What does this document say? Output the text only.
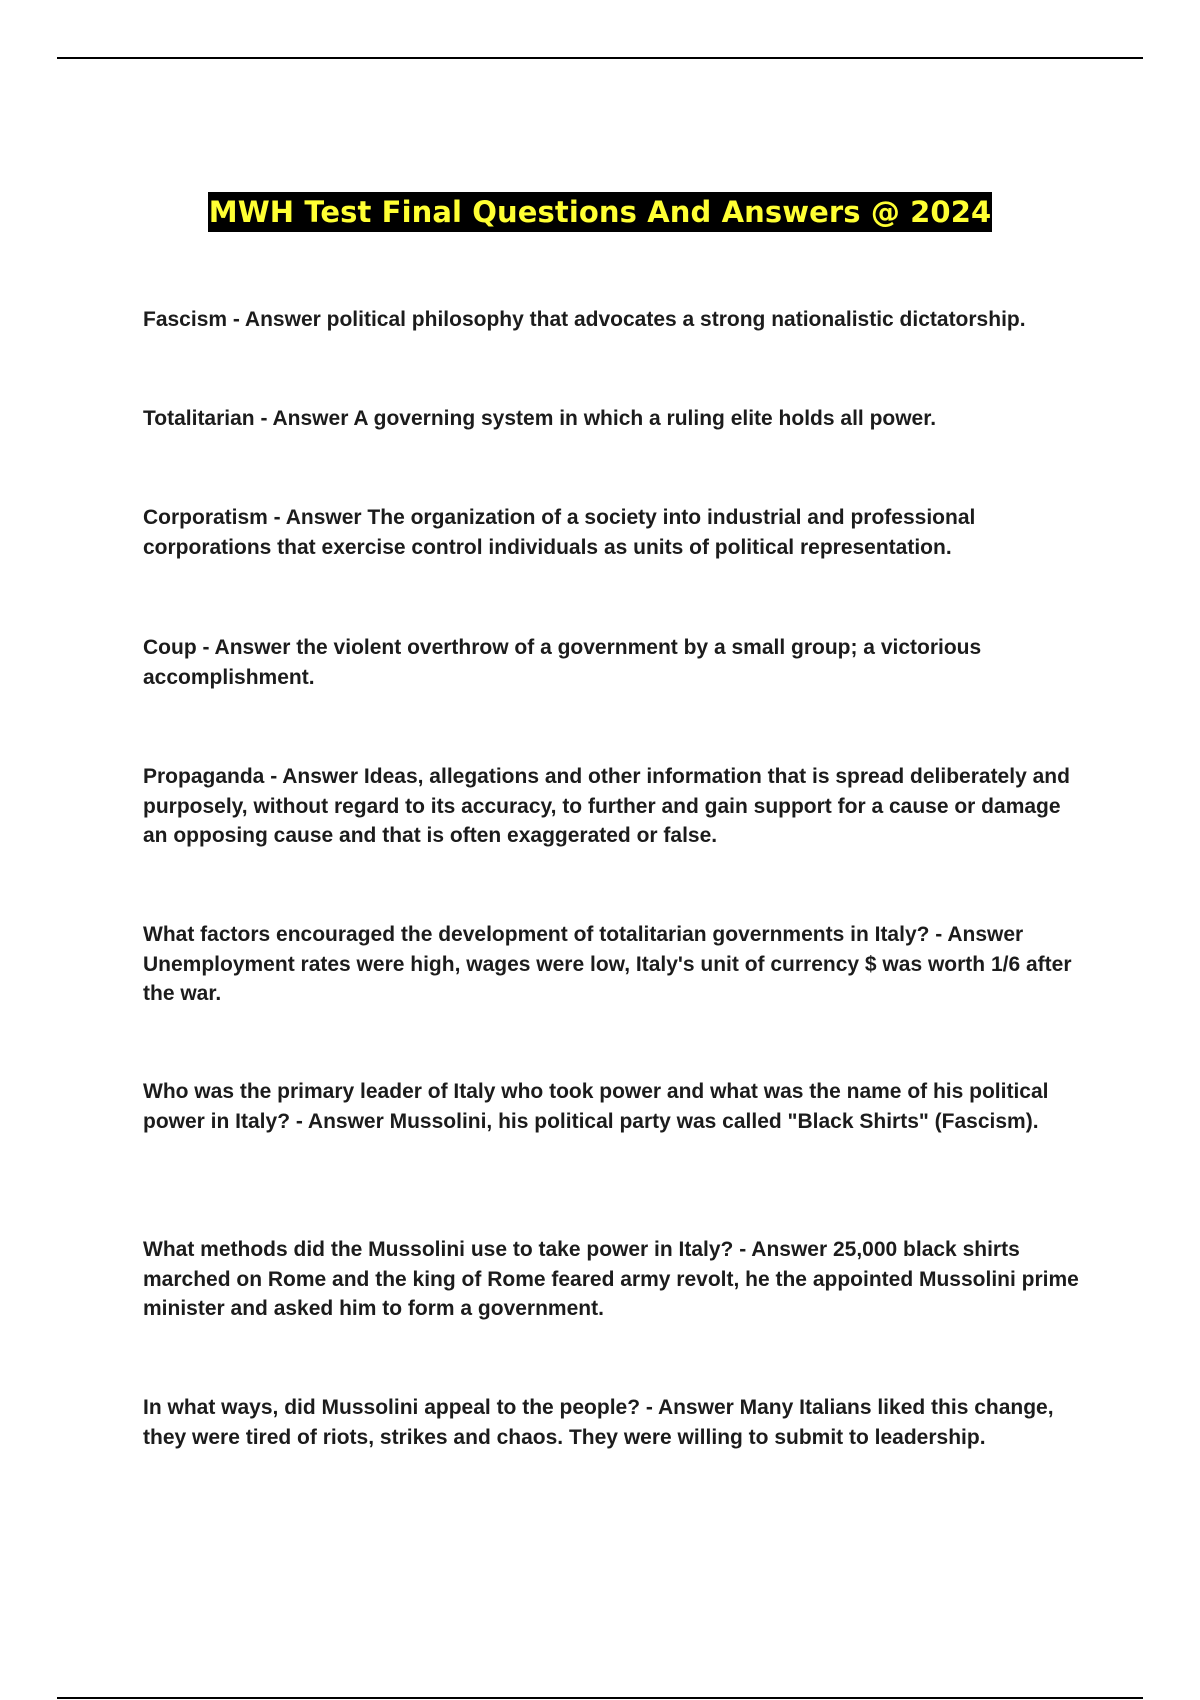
MWH Test Final Questions And Answers @ 2024

Fascism - Answer political philosophy that advocates a strong nationalistic dictatorship.

Totalitarian - Answer A governing system in which a ruling elite holds all power.

Corporatism - Answer The organization of a society into industrial and professional corporations that exercise control individuals as units of political representation.

Coup - Answer the violent overthrow of a government by a small group; a victorious accomplishment.

Propaganda - Answer Ideas, allegations and other information that is spread deliberately and purposely, without regard to its accuracy, to further and gain support for a cause or damage an opposing cause and that is often exaggerated or false.

What factors encouraged the development of totalitarian governments in Italy? - Answer Unemployment rates were high, wages were low, Italy's unit of currency $ was worth 1/6 after the war.

Who was the primary leader of Italy who took power and what was the name of his political power in Italy? - Answer Mussolini, his political party was called "Black Shirts" (Fascism).

What methods did the Mussolini use to take power in Italy? - Answer 25,000 black shirts marched on Rome and the king of Rome feared army revolt, he the appointed Mussolini prime minister and asked him to form a government.

In what ways, did Mussolini appeal to the people? - Answer Many Italians liked this change, they were tired of riots, strikes and chaos. They were willing to submit to leadership.
